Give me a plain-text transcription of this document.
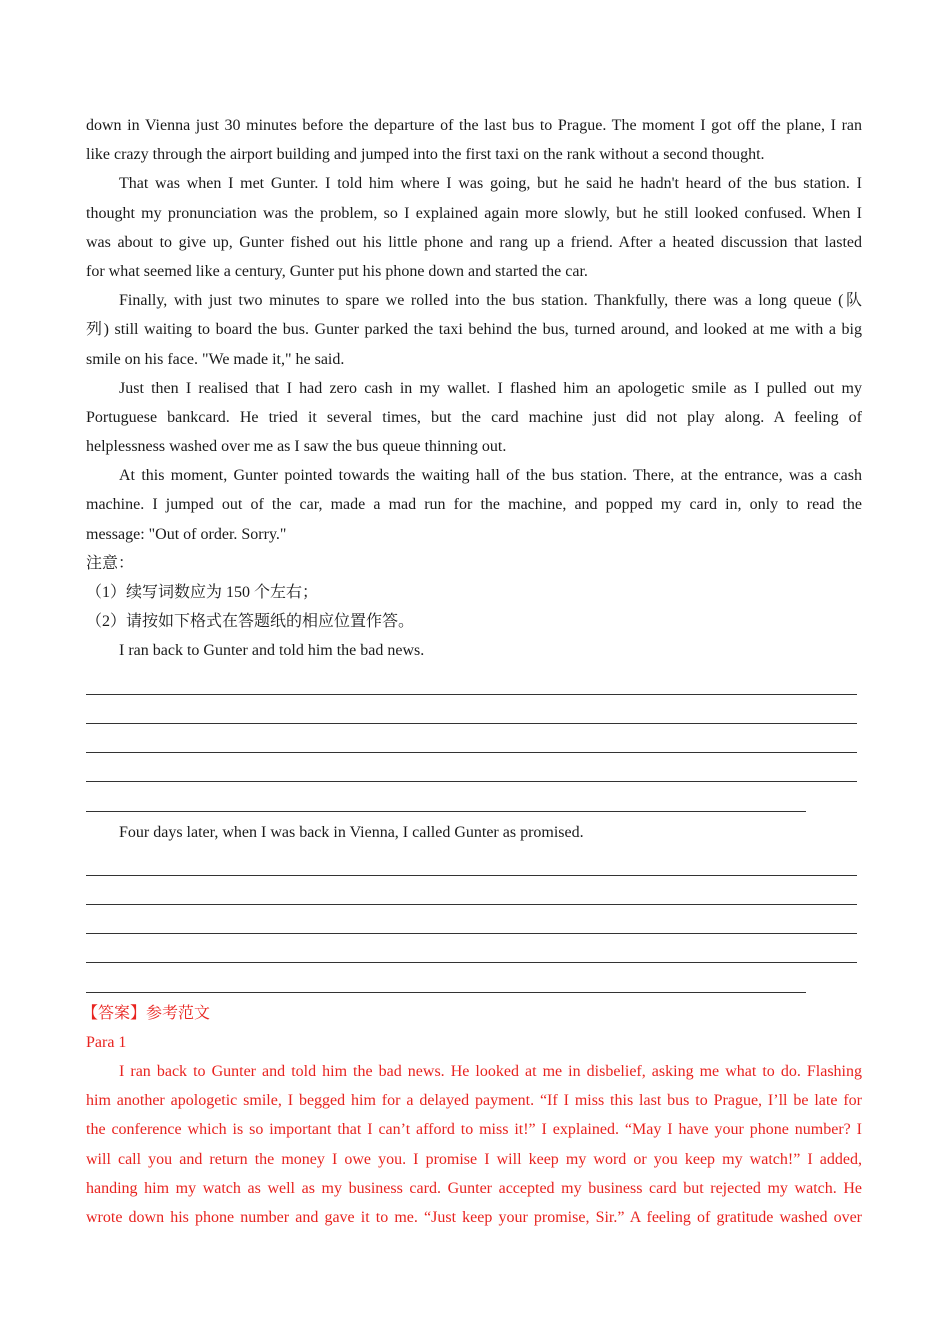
down in Vienna just 30 minutes before the departure of the last bus to Prague. The moment I got off the plane, I ran
like crazy through the airport building and jumped into the first taxi on the rank without a second thought.
That was when I met Gunter. I told him where I was going, but he said he hadn't heard of the bus station. I
thought my pronunciation was the problem, so I explained again more slowly, but he still looked confused. When I
was about to give up, Gunter fished out his little phone and rang up a friend. After a heated discussion that lasted
for what seemed like a century, Gunter put his phone down and started the car.
Finally, with just two minutes to spare we rolled into the bus station. Thankfully, there was a long queue (队
列) still waiting to board the bus. Gunter parked the taxi behind the bus, turned around, and looked at me with a big
smile on his face. "We made it," he said.
Just then I realised that I had zero cash in my wallet. I flashed him an apologetic smile as I pulled out my
Portuguese bankcard. He tried it several times, but the card machine just did not play along. A feeling of
helplessness washed over me as I saw the bus queue thinning out.
At this moment, Gunter pointed towards the waiting hall of the bus station. There, at the entrance, was a cash
machine. I jumped out of the car, made a mad run for the machine, and popped my card in, only to read the
message: "Out of order. Sorry."
注意：
（1）续写词数应为 150 个左右；
（2）请按如下格式在答题纸的相应位置作答。
I ran back to Gunter and told him the bad news.
Four days later, when I was back in Vienna, I called Gunter as promised.
【答案】参考范文
Para 1
I ran back to Gunter and told him the bad news. He looked at me in disbelief, asking me what to do. Flashing
him another apologetic smile, I begged him for a delayed payment. “If I miss this last bus to Prague, I’ll be late for
the conference which is so important that I can’t afford to miss it!” I explained. “May I have your phone number? I
will call you and return the money I owe you. I promise I will keep my word or you keep my watch!” I added,
handing him my watch as well as my business card. Gunter accepted my business card but rejected my watch. He
wrote down his phone number and gave it to me. “Just keep your promise, Sir.” A feeling of gratitude washed over
